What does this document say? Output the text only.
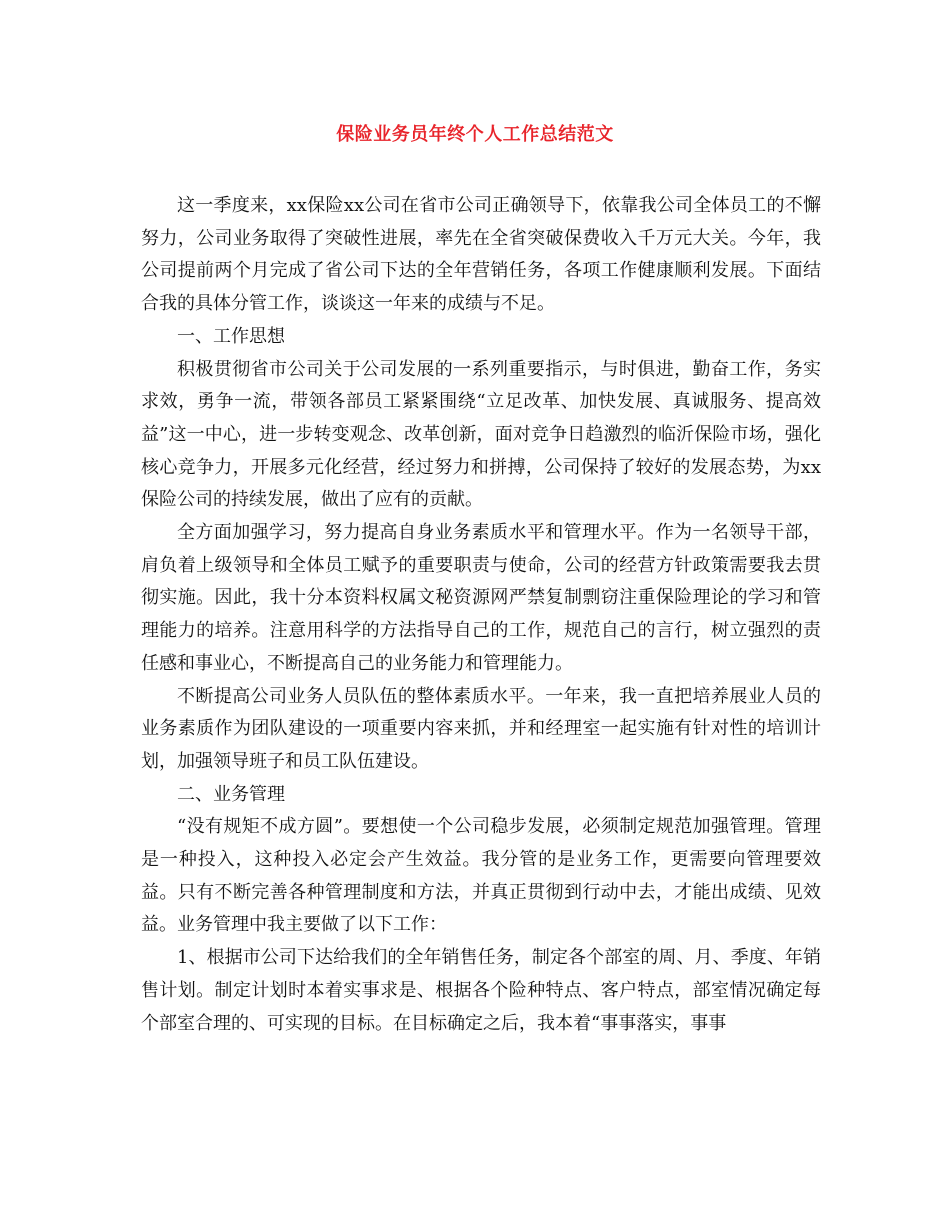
保险业务员年终个人工作总结范文

这一季度来，xx保险xx公司在省市公司正确领导下，依靠我公司全体员工的不懈努力，公司业务取得了突破性进展，率先在全省突破保费收入千万元大关。今年，我公司提前两个月完成了省公司下达的全年营销任务，各项工作健康顺利发展。下面结合我的具体分管工作，谈谈这一年来的成绩与不足。

一、工作思想

积极贯彻省市公司关于公司发展的一系列重要指示，与时俱进，勤奋工作，务实求效，勇争一流，带领各部员工紧紧围绕“立足改革、加快发展、真诚服务、提高效益”这一中心，进一步转变观念、改革创新，面对竞争日趋激烈的临沂保险市场，强化核心竞争力，开展多元化经营，经过努力和拼搏，公司保持了较好的发展态势，为xx保险公司的持续发展，做出了应有的贡献。

全方面加强学习，努力提高自身业务素质水平和管理水平。作为一名领导干部，肩负着上级领导和全体员工赋予的重要职责与使命，公司的经营方针政策需要我去贯彻实施。因此，我十分本资料权属文秘资源网严禁复制剽窃注重保险理论的学习和管理能力的培养。注意用科学的方法指导自己的工作，规范自己的言行，树立强烈的责任感和事业心，不断提高自己的业务能力和管理能力。

不断提高公司业务人员队伍的整体素质水平。一年来，我一直把培养展业人员的业务素质作为团队建设的一项重要内容来抓，并和经理室一起实施有针对性的培训计划，加强领导班子和员工队伍建设。

二、业务管理

“没有规矩不成方圆”。要想使一个公司稳步发展，必须制定规范加强管理。管理是一种投入，这种投入必定会产生效益。我分管的是业务工作，更需要向管理要效益。只有不断完善各种管理制度和方法，并真正贯彻到行动中去，才能出成绩、见效益。业务管理中我主要做了以下工作：

1、根据市公司下达给我们的全年销售任务，制定各个部室的周、月、季度、年销售计划。制定计划时本着实事求是、根据各个险种特点、客户特点，部室情况确定每个部室合理的、可实现的目标。在目标确定之后，我本着“事事落实，事事
